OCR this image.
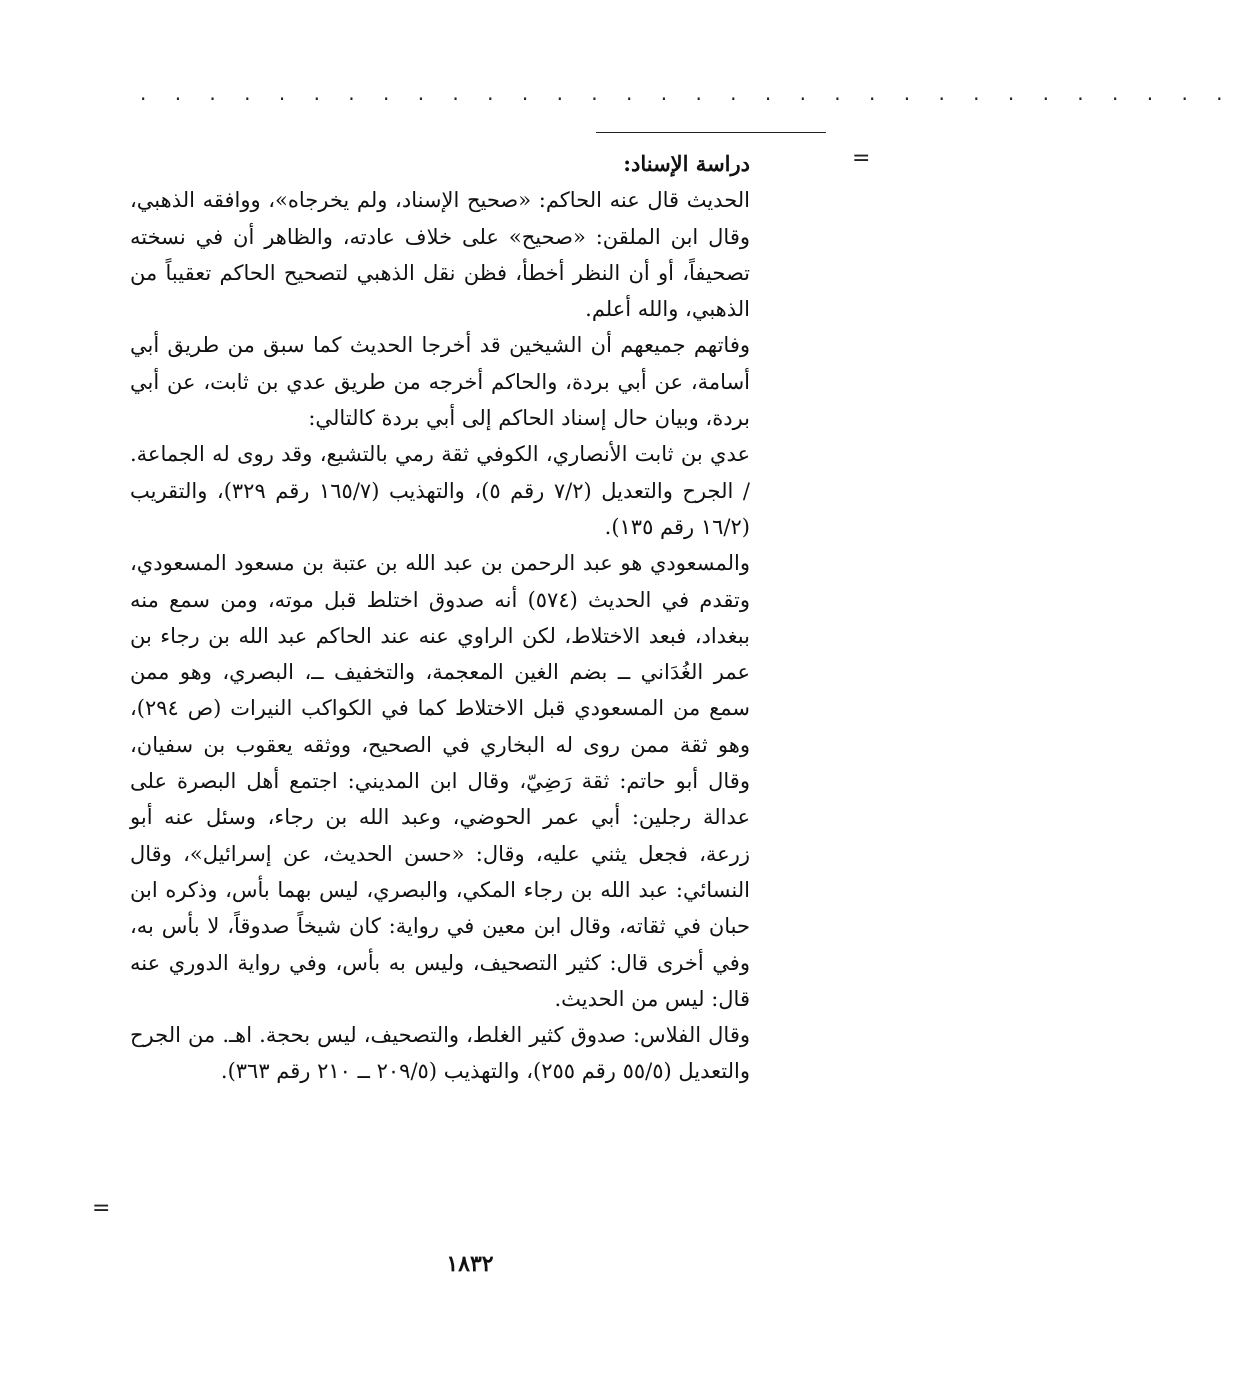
. . . . . . . . . . . . . . . . . . . . . . . . . . . . . . . .
=

دراسة الإسناد:

الحديث قال عنه الحاكم: «صحيح الإسناد، ولم يخرجاه»، ووافقه الذهبي، وقال ابن الملقن: «صحيح» على خلاف عادته، والظاهر أن في نسخته تصحيفاً، أو أن النظر أخطأ، فظن نقل الذهبي لتصحيح الحاكم تعقيباً من الذهبي، والله أعلم.

وفاتهم جميعهم أن الشيخين قد أخرجا الحديث كما سبق من طريق أبي أسامة، عن أبي بردة، والحاكم أخرجه من طريق عدي بن ثابت، عن أبي بردة، وبيان حال إسناد الحاكم إلى أبي بردة كالتالي:

عدي بن ثابت الأنصاري، الكوفي ثقة رمي بالتشيع، وقد روى له الجماعة. / الجرح والتعديل (٧/٢ رقم ٥)، والتهذيب (١٦٥/٧ رقم ٣٢٩)، والتقريب (١٦/٢ رقم ١٣٥).

والمسعودي هو عبد الرحمن بن عبد الله بن عتبة بن مسعود المسعودي، وتقدم في الحديث (٥٧٤) أنه صدوق اختلط قبل موته، ومن سمع منه ببغداد، فبعد الاختلاط، لكن الراوي عنه عند الحاكم عبد الله بن رجاء بن عمر الغُدَاني ــ بضم الغين المعجمة، والتخفيف ــ، البصري، وهو ممن سمع من المسعودي قبل الاختلاط كما في الكواكب النيرات (ص ٢٩٤)، وهو ثقة ممن روى له البخاري في الصحيح، ووثقه يعقوب بن سفيان، وقال أبو حاتم: ثقة رَضِيّ، وقال ابن المديني: اجتمع أهل البصرة على عدالة رجلين: أبي عمر الحوضي، وعبد الله بن رجاء، وسئل عنه أبو زرعة، فجعل يثني عليه، وقال: «حسن الحديث، عن إسرائيل»، وقال النسائي: عبد الله بن رجاء المكي، والبصري، ليس بهما بأس، وذكره ابن حبان في ثقاته، وقال ابن معين في رواية: كان شيخاً صدوقاً، لا بأس به، وفي أخرى قال: كثير التصحيف، وليس به بأس، وفي رواية الدوري عنه قال: ليس من الحديث.

وقال الفلاس: صدوق كثير الغلط، والتصحيف، ليس بحجة. اهـ. من الجرح والتعديل (٥٥/٥ رقم ٢٥٥)، والتهذيب (٢٠٩/٥ ــ ٢١٠ رقم ٣٦٣).

=
١٨٣٢
